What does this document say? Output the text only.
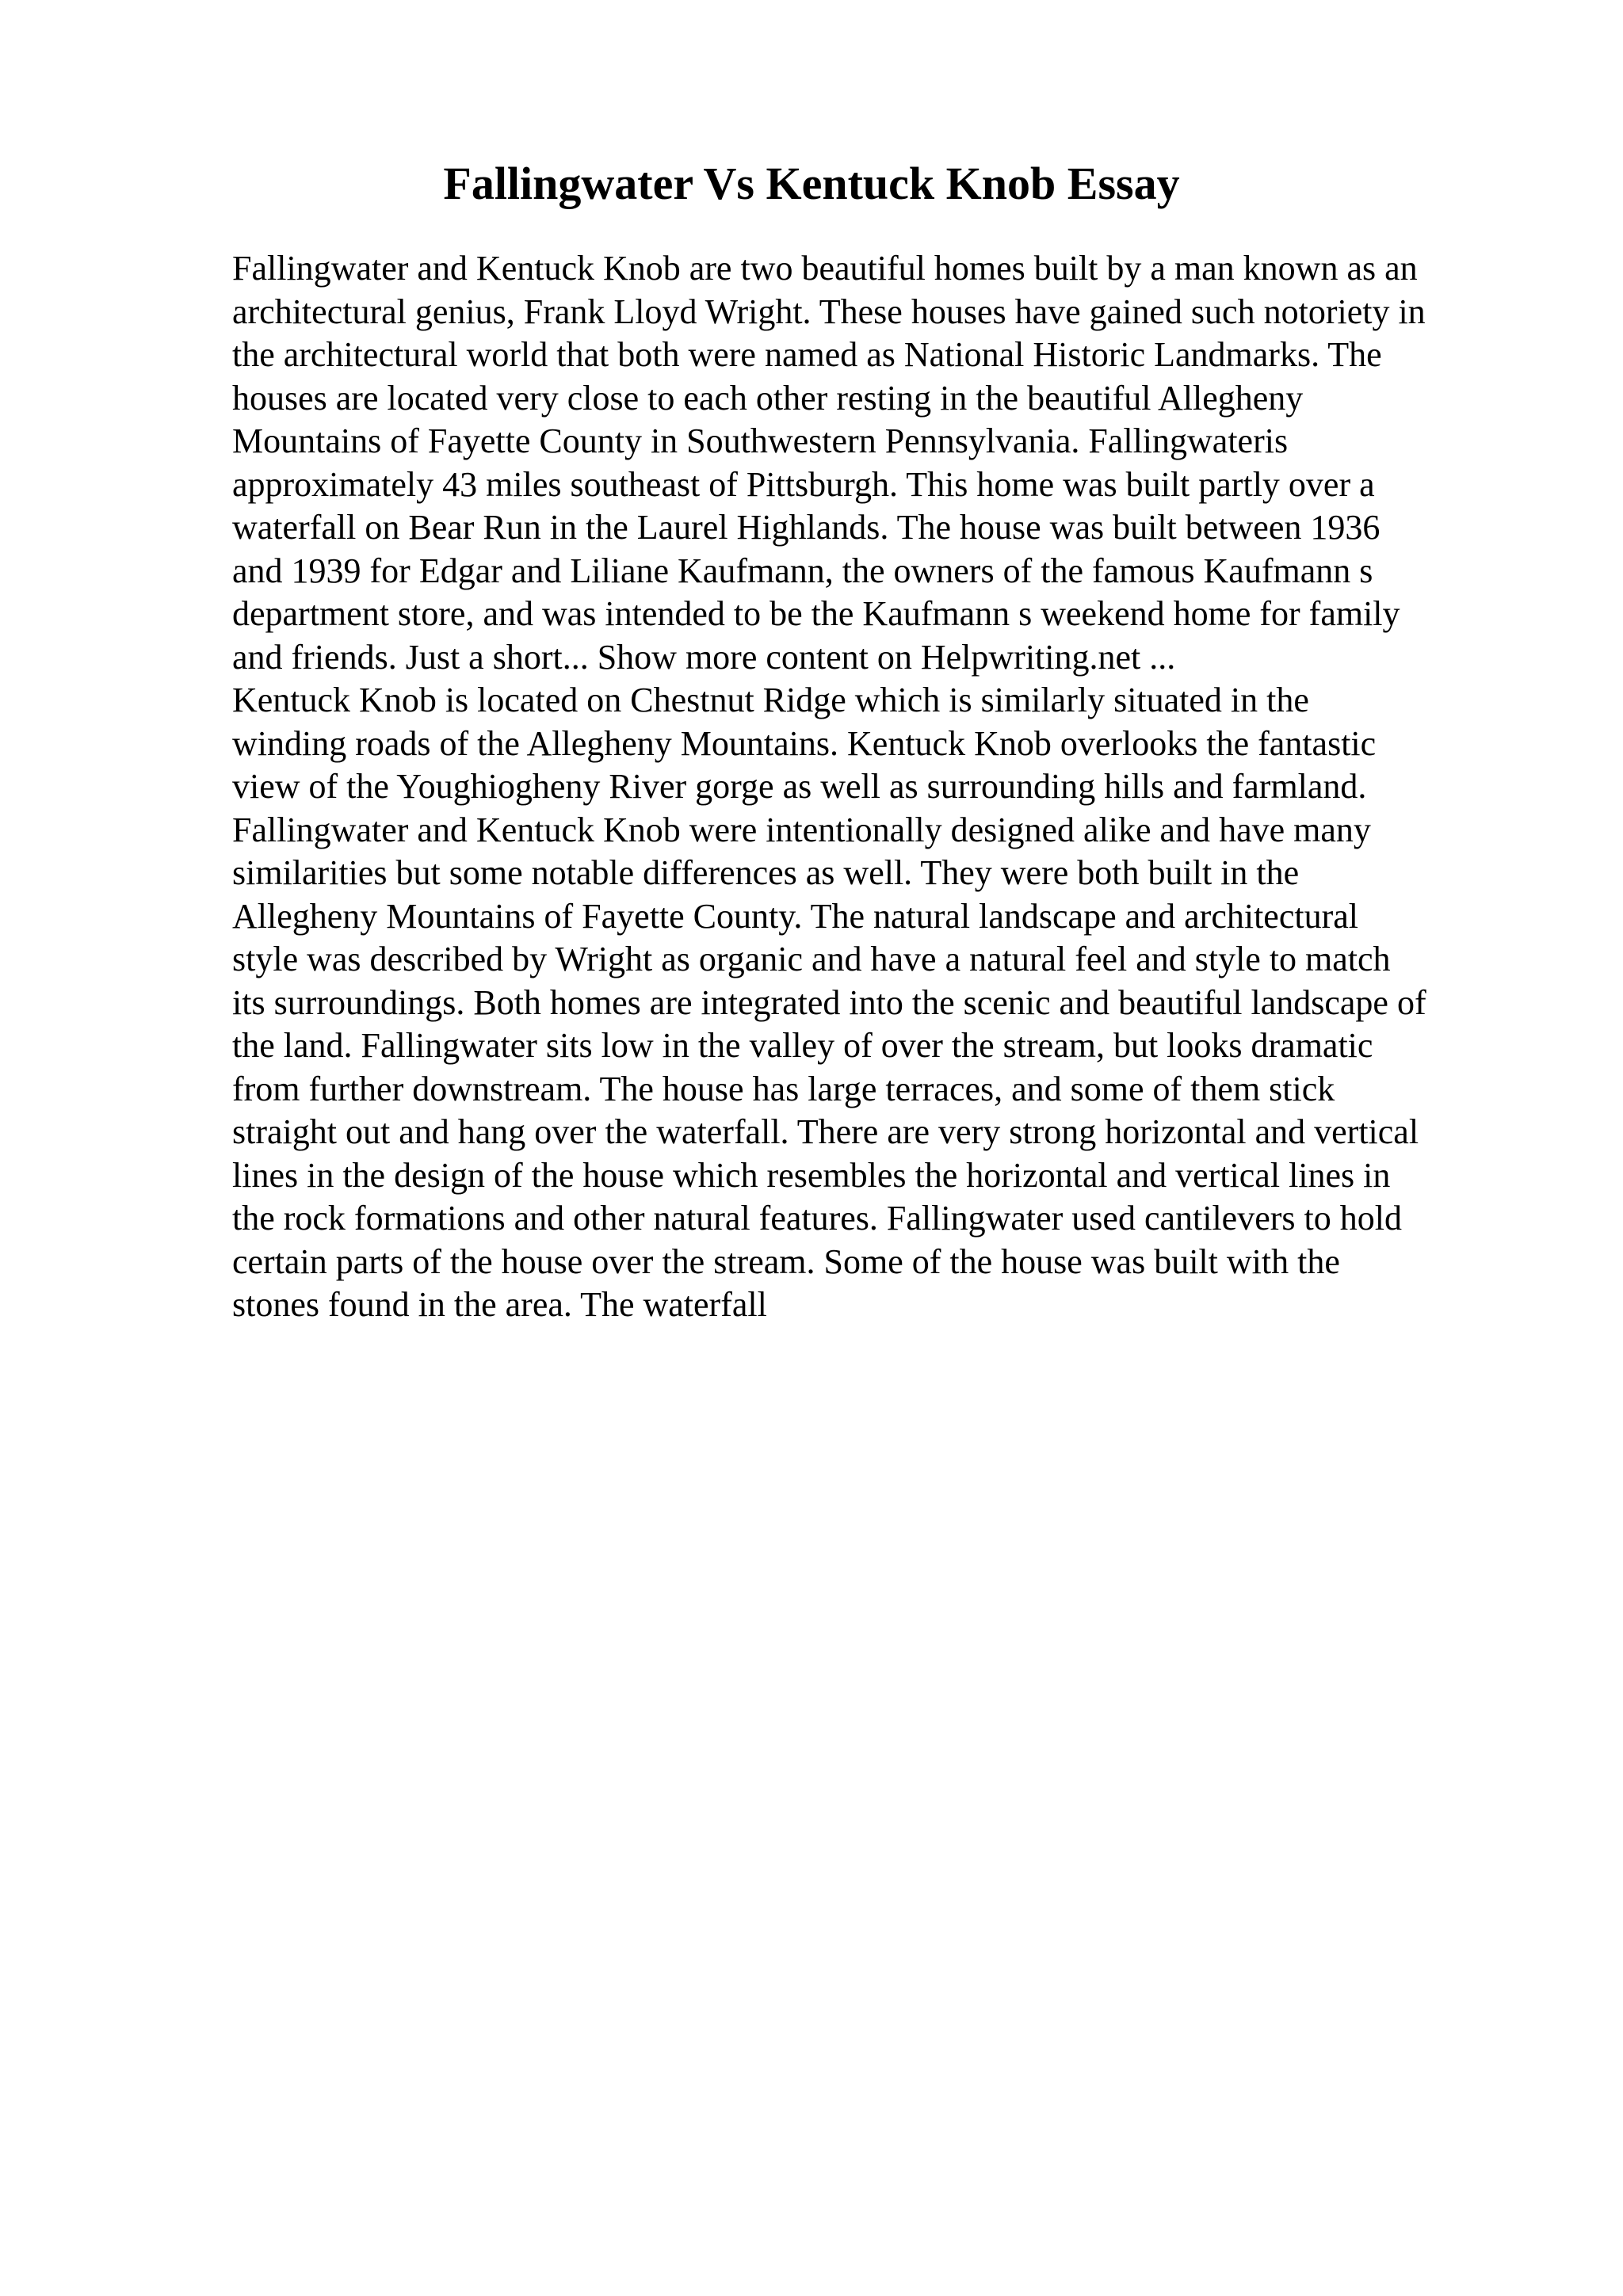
Fallingwater Vs Kentuck Knob Essay
Fallingwater and Kentuck Knob are two beautiful homes built by a man known as an
architectural genius, Frank Lloyd Wright. These houses have gained such notoriety in
the architectural world that both were named as National Historic Landmarks. The
houses are located very close to each other resting in the beautiful Allegheny
Mountains of Fayette County in Southwestern Pennsylvania. Fallingwateris
approximately 43 miles southeast of Pittsburgh. This home was built partly over a
waterfall on Bear Run in the Laurel Highlands. The house was built between 1936
and 1939 for Edgar and Liliane Kaufmann, the owners of the famous Kaufmann s
department store, and was intended to be the Kaufmann s weekend home for family
and friends. Just a short... Show more content on Helpwriting.net ...
Kentuck Knob is located on Chestnut Ridge which is similarly situated in the
winding roads of the Allegheny Mountains. Kentuck Knob overlooks the fantastic
view of the Youghiogheny River gorge as well as surrounding hills and farmland.
Fallingwater and Kentuck Knob were intentionally designed alike and have many
similarities but some notable differences as well. They were both built in the
Allegheny Mountains of Fayette County. The natural landscape and architectural
style was described by Wright as organic and have a natural feel and style to match
its surroundings. Both homes are integrated into the scenic and beautiful landscape of
the land. Fallingwater sits low in the valley of over the stream, but looks dramatic
from further downstream. The house has large terraces, and some of them stick
straight out and hang over the waterfall. There are very strong horizontal and vertical
lines in the design of the house which resembles the horizontal and vertical lines in
the rock formations and other natural features. Fallingwater used cantilevers to hold
certain parts of the house over the stream. Some of the house was built with the
stones found in the area. The waterfall
